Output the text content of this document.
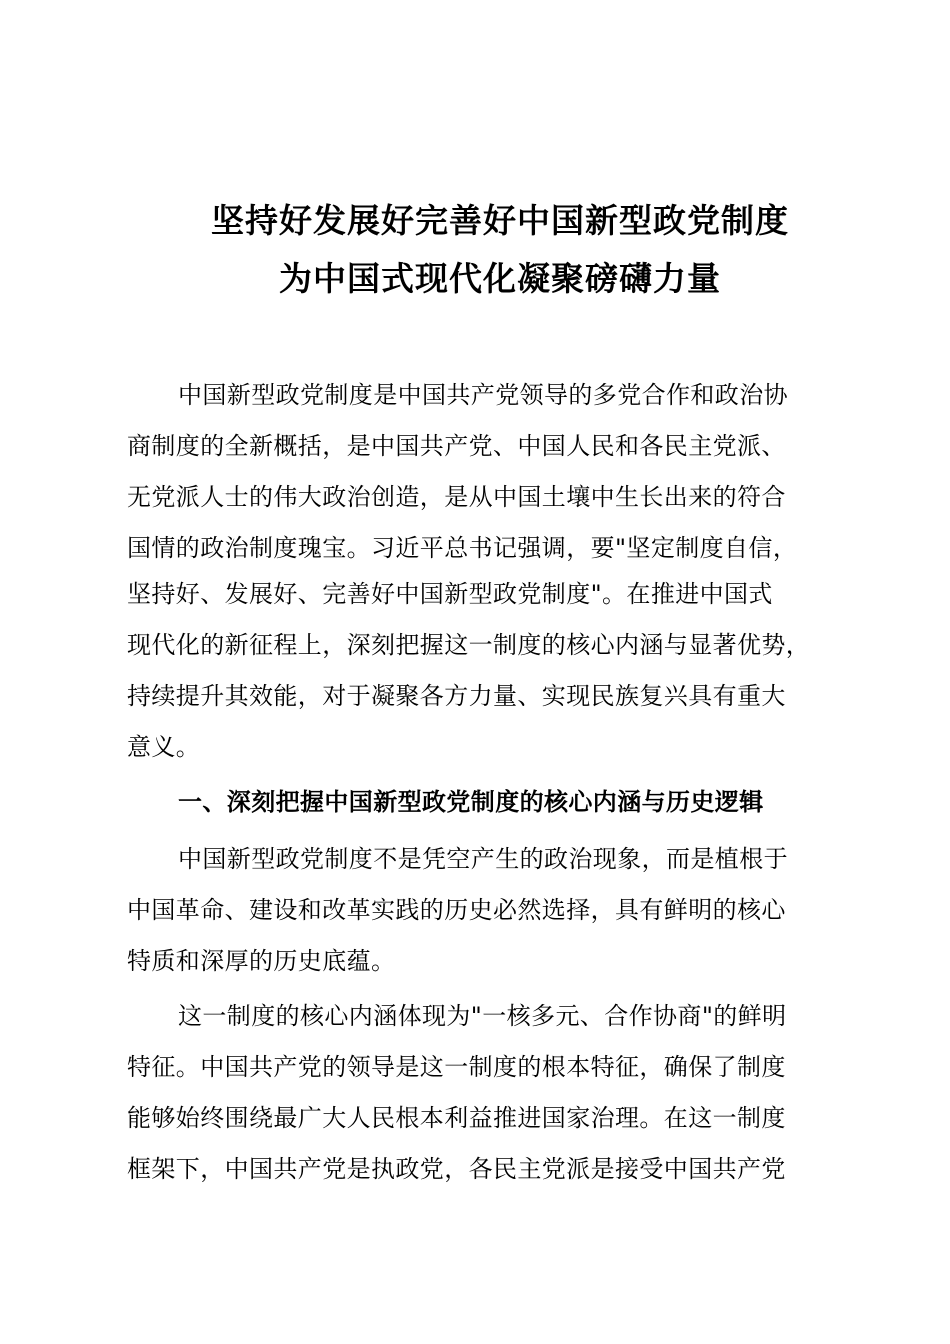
坚持好发展好完善好中国新型政党制度
为中国式现代化凝聚磅礴力量
中国新型政党制度是中国共产党领导的多党合作和政治协
商制度的全新概括，是中国共产党、中国人民和各民主党派、
无党派人士的伟大政治创造，是从中国土壤中生长出来的符合
国情的政治制度瑰宝。习近平总书记强调，要"坚定制度自信，
坚持好、发展好、完善好中国新型政党制度"。在推进中国式
现代化的新征程上，深刻把握这一制度的核心内涵与显著优势，
持续提升其效能，对于凝聚各方力量、实现民族复兴具有重大
意义。
一、深刻把握中国新型政党制度的核心内涵与历史逻辑
中国新型政党制度不是凭空产生的政治现象，而是植根于
中国革命、建设和改革实践的历史必然选择，具有鲜明的核心
特质和深厚的历史底蕴。
这一制度的核心内涵体现为"一核多元、合作协商"的鲜明
特征。中国共产党的领导是这一制度的根本特征，确保了制度
能够始终围绕最广大人民根本利益推进国家治理。在这一制度
框架下，中国共产党是执政党，各民主党派是接受中国共产党
